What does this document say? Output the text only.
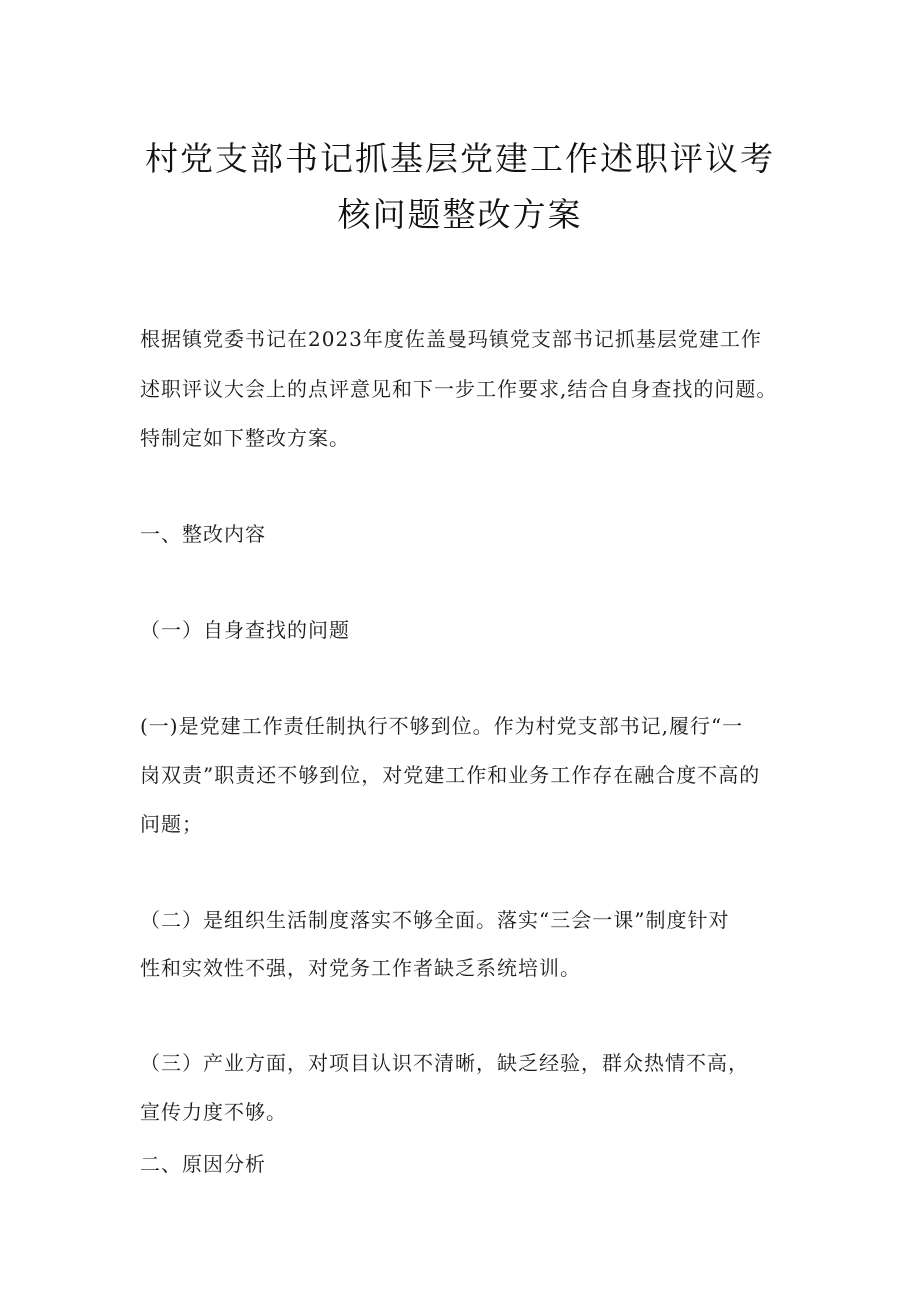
村党支部书记抓基层党建工作述职评议考
核问题整改方案
根据镇党委书记在2023年度佐盖曼玛镇党支部书记抓基层党建工作
述职评议大会上的点评意见和下一步工作要求,结合自身查找的问题。
特制定如下整改方案。
一、整改内容
（一）自身查找的问题
(一)是党建工作责任制执行不够到位。作为村党支部书记,履行“一
岗双责”职责还不够到位，对党建工作和业务工作存在融合度不高的
问题；
（二）是组织生活制度落实不够全面。落实“三会一课”制度针对
性和实效性不强，对党务工作者缺乏系统培训。
（三）产业方面，对项目认识不清晰，缺乏经验，群众热情不高，
宣传力度不够。
二、原因分析
